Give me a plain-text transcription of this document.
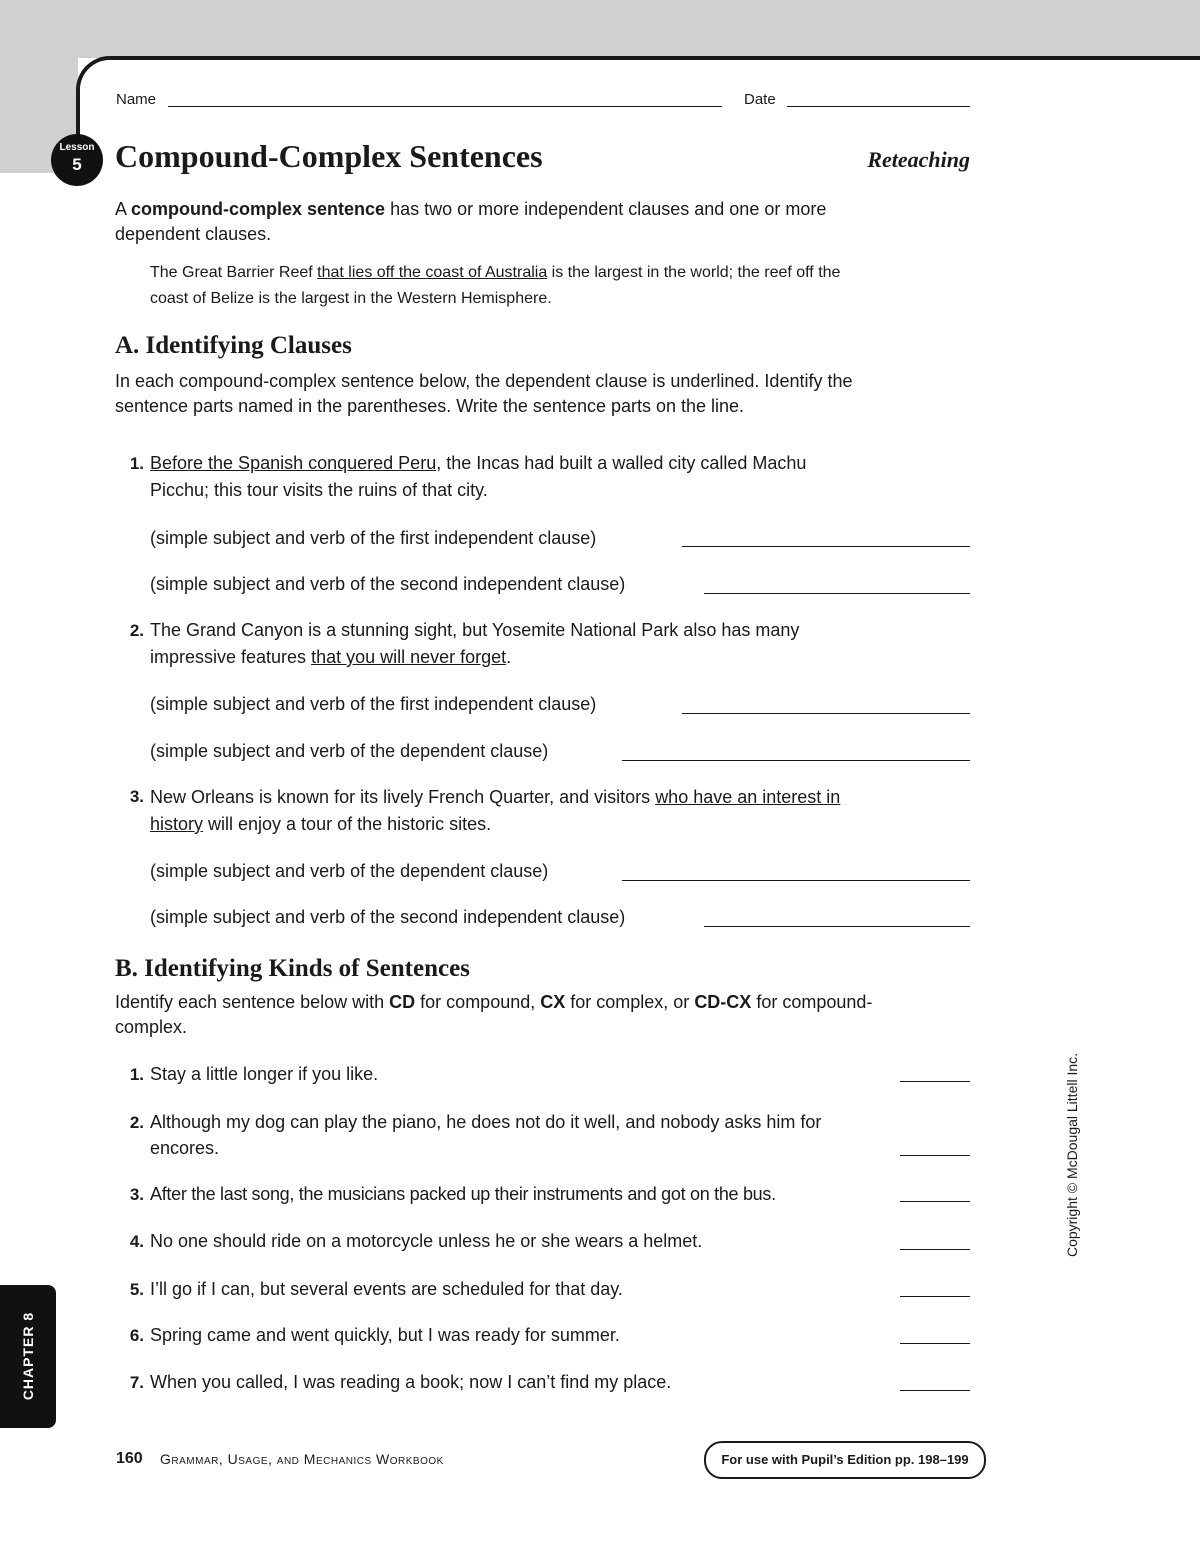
Name	Date
Lesson
5	Compound-Complex Sentences	Reteaching
A compound-complex sentence has two or more independent clauses and one or more dependent clauses.
The Great Barrier Reef that lies off the coast of Australia is the largest in the world; the reef off the coast of Belize is the largest in the Western Hemisphere.
A. Identifying Clauses
In each compound-complex sentence below, the dependent clause is underlined. Identify the sentence parts named in the parentheses. Write the sentence parts on the line.
1. Before the Spanish conquered Peru, the Incas had built a walled city called Machu Picchu; this tour visits the ruins of that city.
(simple subject and verb of the first independent clause)
(simple subject and verb of the second independent clause)
2. The Grand Canyon is a stunning sight, but Yosemite National Park also has many impressive features that you will never forget.
(simple subject and verb of the first independent clause)
(simple subject and verb of the dependent clause)
3. New Orleans is known for its lively French Quarter, and visitors who have an interest in history will enjoy a tour of the historic sites.
(simple subject and verb of the dependent clause)
(simple subject and verb of the second independent clause)
B. Identifying Kinds of Sentences
Identify each sentence below with CD for compound, CX for complex, or CD-CX for compound-complex.
1. Stay a little longer if you like.
2. Although my dog can play the piano, he does not do it well, and nobody asks him for encores.
3. After the last song, the musicians packed up their instruments and got on the bus.
4. No one should ride on a motorcycle unless he or she wears a helmet.
5. I’ll go if I can, but several events are scheduled for that day.
6. Spring came and went quickly, but I was ready for summer.
7. When you called, I was reading a book; now I can’t find my place.
Copyright © McDougal Littell Inc.
CHAPTER 8
160 Grammar, Usage, and Mechanics Workbook	For use with Pupil’s Edition pp. 198–199
